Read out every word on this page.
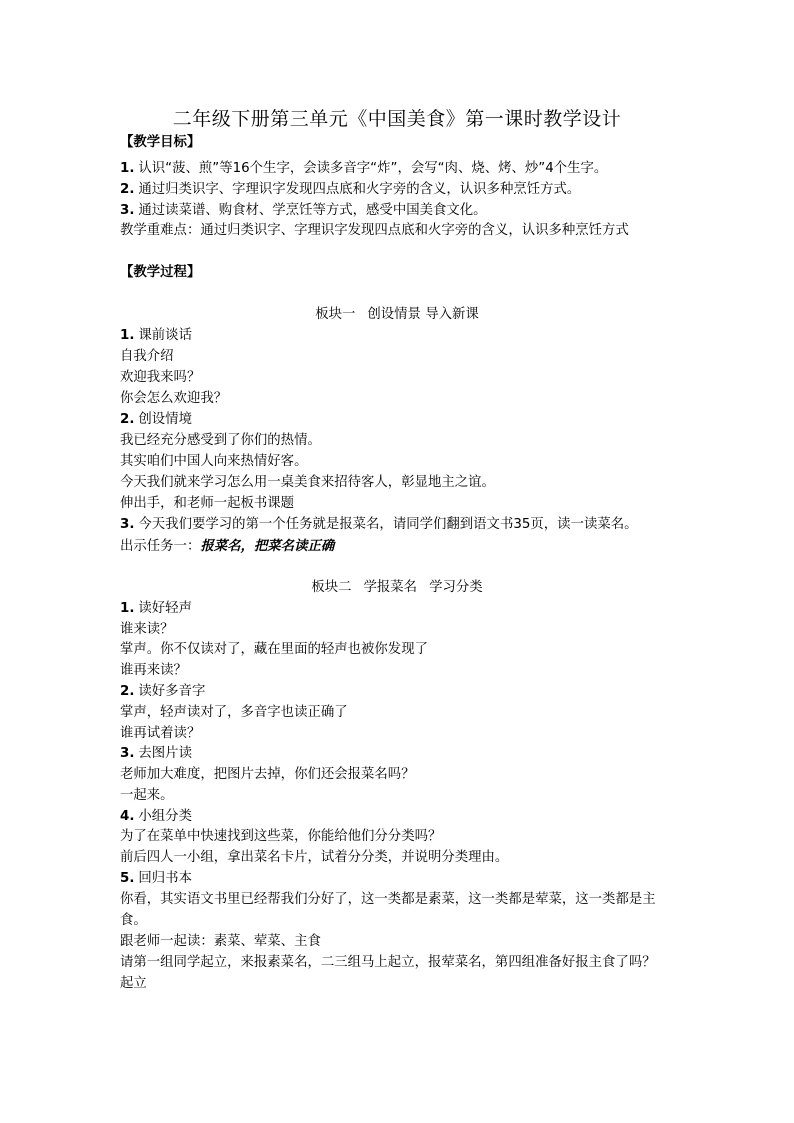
二年级下册第三单元《中国美食》第一课时教学设计
【教学目标】
1. 认识“菠、煎”等16个生字，会读多音字“炸”，会写“肉、烧、烤、炒”4个生字。
2. 通过归类识字、字理识字发现四点底和火字旁的含义，认识多种烹饪方式。
3. 通过读菜谱、购食材、学烹饪等方式，感受中国美食文化。
教学重难点：通过归类识字、字理识字发现四点底和火字旁的含义，认识多种烹饪方式
【教学过程】
板块一 创设情景 导入新课
1. 课前谈话
自我介绍
欢迎我来吗？
你会怎么欢迎我？
2. 创设情境
我已经充分感受到了你们的热情。
其实咱们中国人向来热情好客。
今天我们就来学习怎么用一桌美食来招待客人，彰显地主之谊。
伸出手，和老师一起板书课题
3. 今天我们要学习的第一个任务就是报菜名，请同学们翻到语文书35页，读一读菜名。
出示任务一：报菜名，把菜名读正确
板块二 学报菜名 学习分类
1. 读好轻声
谁来读？
掌声。你不仅读对了，藏在里面的轻声也被你发现了
谁再来读？
2. 读好多音字
掌声，轻声读对了，多音字也读正确了
谁再试着读？
3. 去图片读
老师加大难度，把图片去掉，你们还会报菜名吗？
一起来。
4. 小组分类
为了在菜单中快速找到这些菜，你能给他们分分类吗？
前后四人一小组，拿出菜名卡片，试着分分类，并说明分类理由。
5. 回归书本
你看，其实语文书里已经帮我们分好了，这一类都是素菜，这一类都是荤菜，这一类都是主
食。
跟老师一起读：素菜、荤菜、主食
请第一组同学起立，来报素菜名，二三组马上起立，报荤菜名，第四组准备好报主食了吗？
起立
